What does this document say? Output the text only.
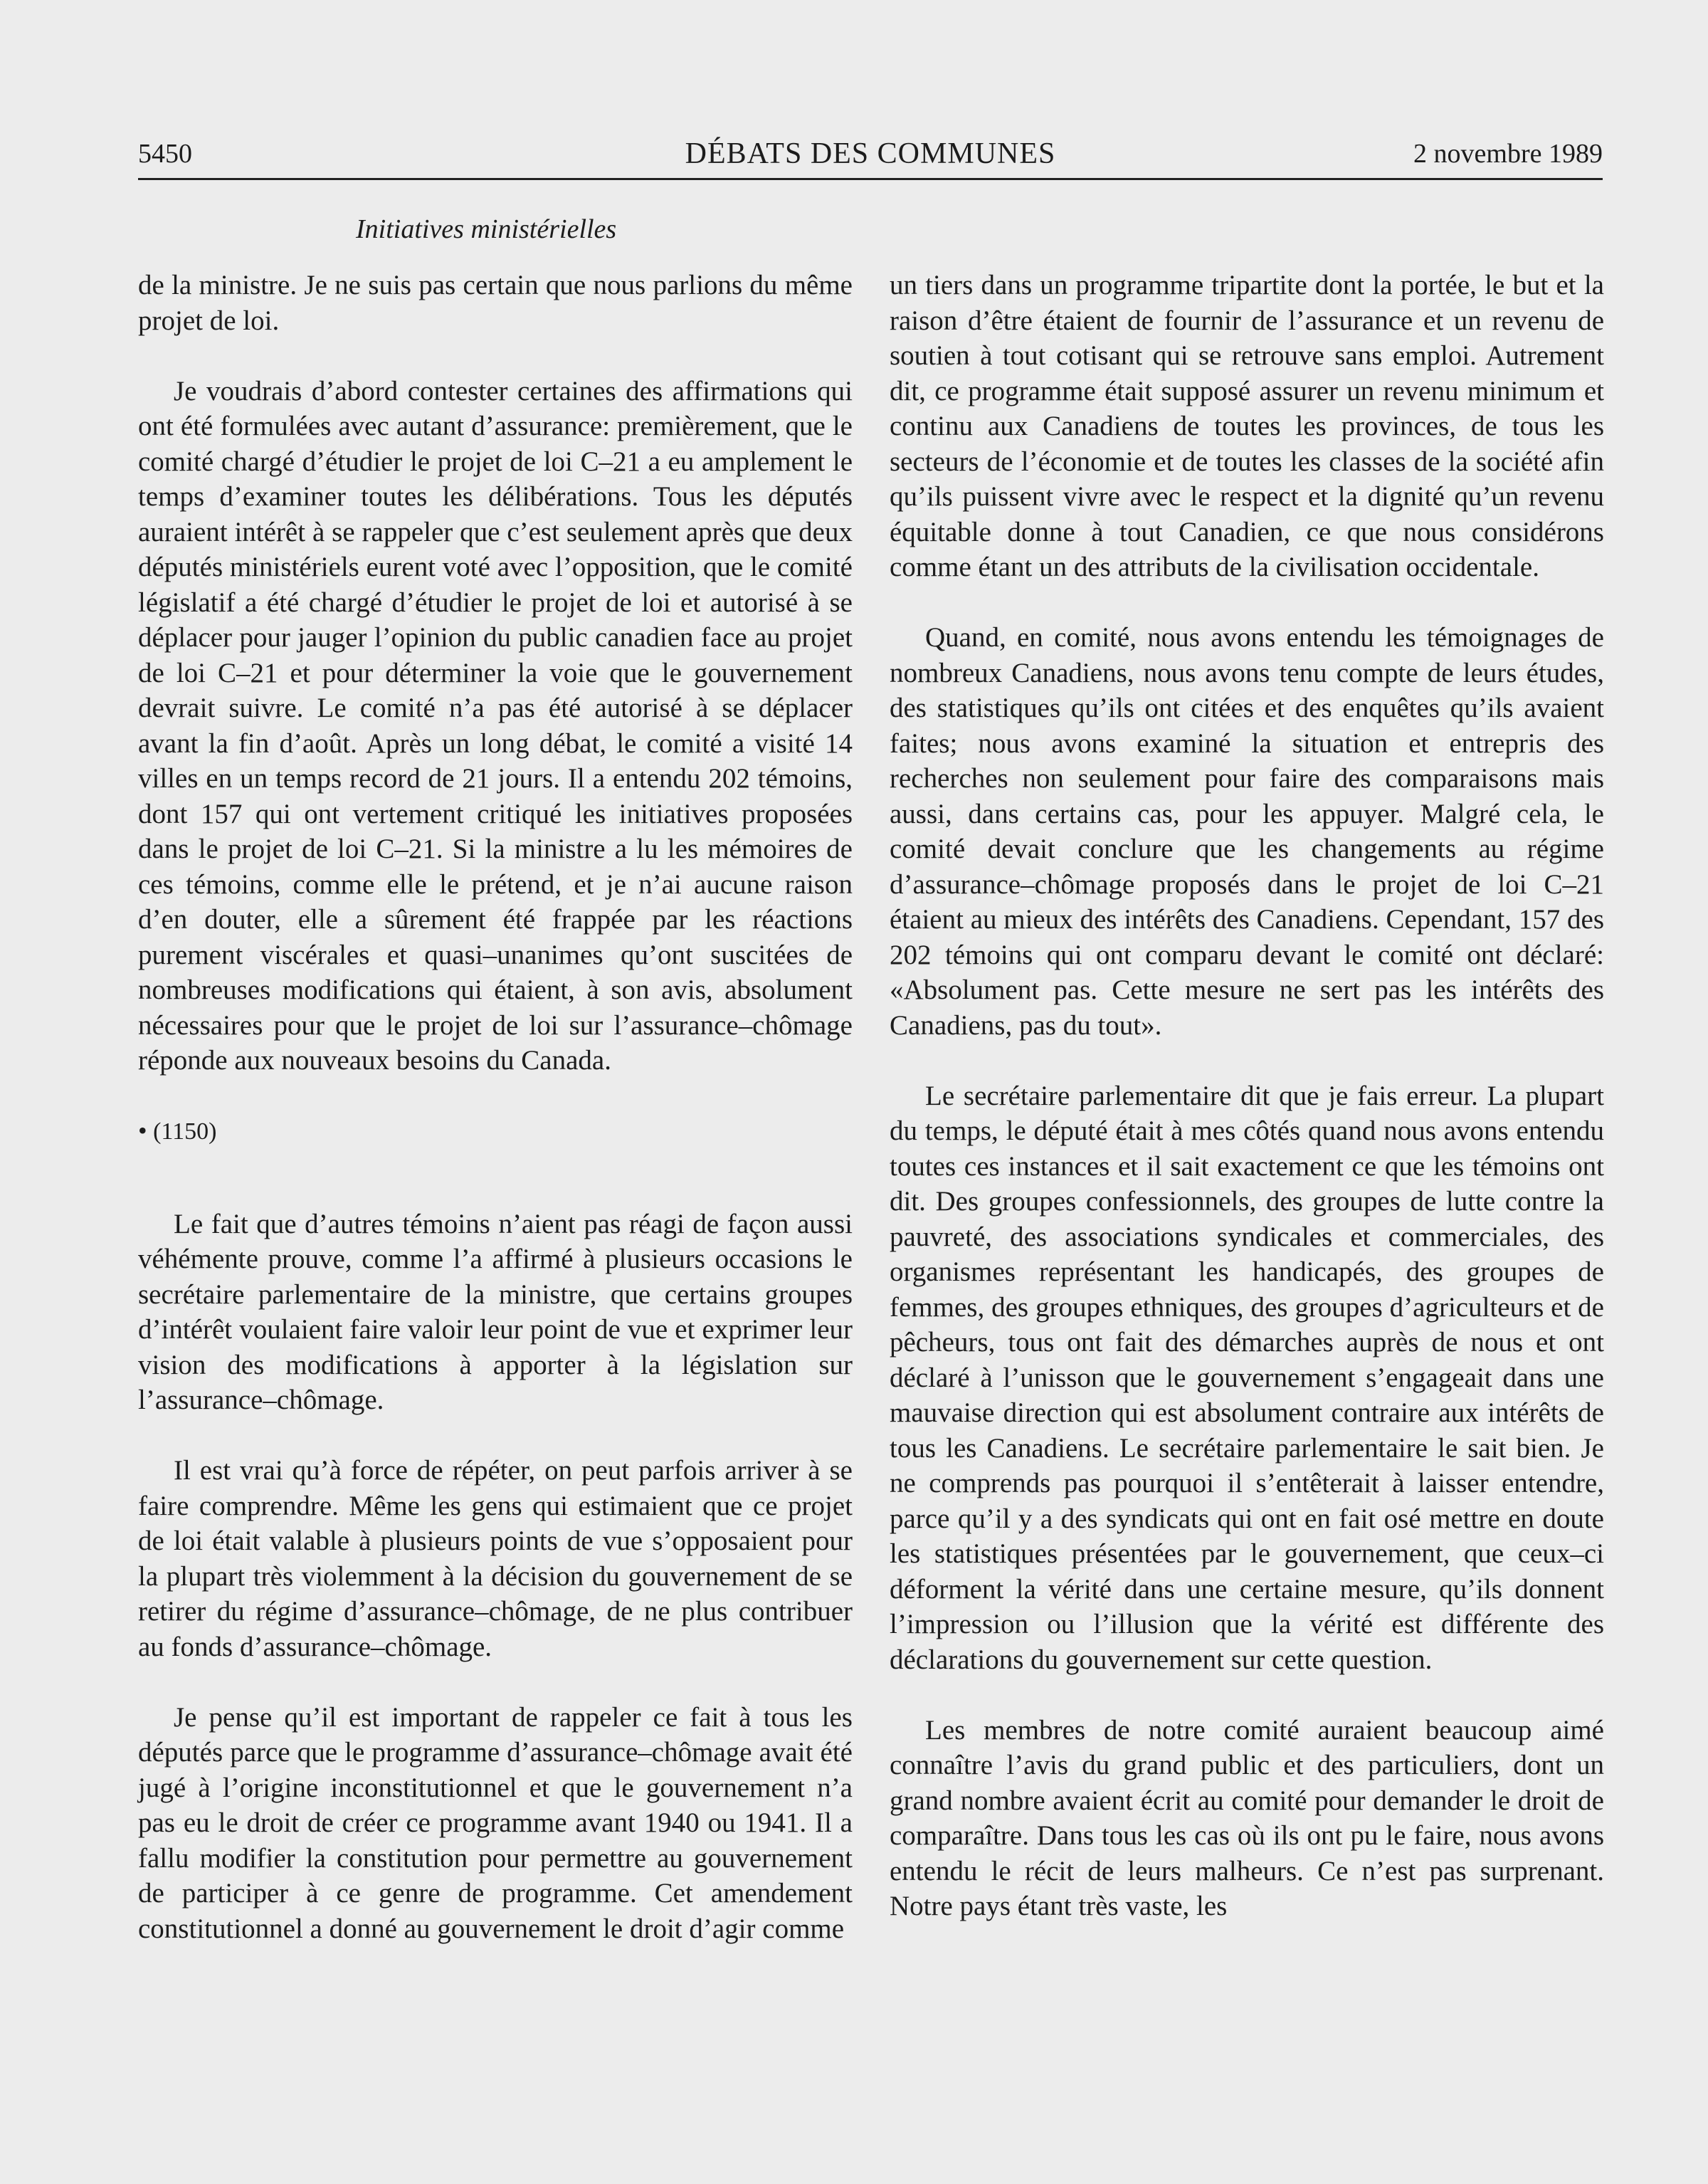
5450	DÉBATS DES COMMUNES	2 novembre 1989
Initiatives ministérielles

de la ministre. Je ne suis pas certain que nous parlions du même projet de loi.

Je voudrais d’abord contester certaines des affirmations qui ont été formulées avec autant d’assurance: premièrement, que le comité chargé d’étudier le projet de loi C–21 a eu amplement le temps d’examiner toutes les délibérations. Tous les députés auraient intérêt à se rappeler que c’est seulement après que deux députés ministériels eurent voté avec l’opposition, que le comité législatif a été chargé d’étudier le projet de loi et autorisé à se déplacer pour jauger l’opinion du public canadien face au projet de loi C–21 et pour déterminer la voie que le gouvernement devrait suivre. Le comité n’a pas été autorisé à se déplacer avant la fin d’août. Après un long débat, le comité a visité 14 villes en un temps record de 21 jours. Il a entendu 202 témoins, dont 157 qui ont vertement critiqué les initiatives proposées dans le projet de loi C–21. Si la ministre a lu les mémoires de ces témoins, comme elle le prétend, et je n’ai aucune raison d’en douter, elle a sûrement été frappée par les réactions purement viscérales et quasi–unanimes qu’ont suscitées de nombreuses modifications qui étaient, à son avis, absolument nécessaires pour que le projet de loi sur l’assurance–chômage réponde aux nouveaux besoins du Canada.

• (1150)

Le fait que d’autres témoins n’aient pas réagi de façon aussi véhémente prouve, comme l’a affirmé à plusieurs occasions le secrétaire parlementaire de la ministre, que certains groupes d’intérêt voulaient faire valoir leur point de vue et exprimer leur vision des modifications à apporter à la législation sur l’assurance–chômage.

Il est vrai qu’à force de répéter, on peut parfois arriver à se faire comprendre. Même les gens qui estimaient que ce projet de loi était valable à plusieurs points de vue s’opposaient pour la plupart très violemment à la décision du gouvernement de se retirer du régime d’assurance–chômage, de ne plus contribuer au fonds d’assurance–chômage.

Je pense qu’il est important de rappeler ce fait à tous les députés parce que le programme d’assurance–chômage avait été jugé à l’origine inconstitutionnel et que le gouvernement n’a pas eu le droit de créer ce programme avant 1940 ou 1941. Il a fallu modifier la constitution pour permettre au gouvernement de participer à ce genre de programme. Cet amendement constitutionnel a donné au gouvernement le droit d’agir comme

un tiers dans un programme tripartite dont la portée, le but et la raison d’être étaient de fournir de l’assurance et un revenu de soutien à tout cotisant qui se retrouve sans emploi. Autrement dit, ce programme était supposé assurer un revenu minimum et continu aux Canadiens de toutes les provinces, de tous les secteurs de l’économie et de toutes les classes de la société afin qu’ils puissent vivre avec le respect et la dignité qu’un revenu équitable donne à tout Canadien, ce que nous considérons comme étant un des attributs de la civilisation occidentale.

Quand, en comité, nous avons entendu les témoignages de nombreux Canadiens, nous avons tenu compte de leurs études, des statistiques qu’ils ont citées et des enquêtes qu’ils avaient faites; nous avons examiné la situation et entrepris des recherches non seulement pour faire des comparaisons mais aussi, dans certains cas, pour les appuyer. Malgré cela, le comité devait conclure que les changements au régime d’assurance–chômage proposés dans le projet de loi C–21 étaient au mieux des intérêts des Canadiens. Cependant, 157 des 202 témoins qui ont comparu devant le comité ont déclaré: «Absolument pas. Cette mesure ne sert pas les intérêts des Canadiens, pas du tout».

Le secrétaire parlementaire dit que je fais erreur. La plupart du temps, le député était à mes côtés quand nous avons entendu toutes ces instances et il sait exactement ce que les témoins ont dit. Des groupes confessionnels, des groupes de lutte contre la pauvreté, des associations syndicales et commerciales, des organismes représentant les handicapés, des groupes de femmes, des groupes ethniques, des groupes d’agriculteurs et de pêcheurs, tous ont fait des démarches auprès de nous et ont déclaré à l’unisson que le gouvernement s’engageait dans une mauvaise direction qui est absolument contraire aux intérêts de tous les Canadiens. Le secrétaire parlementaire le sait bien. Je ne comprends pas pourquoi il s’entêterait à laisser entendre, parce qu’il y a des syndicats qui ont en fait osé mettre en doute les statistiques présentées par le gouvernement, que ceux–ci déforment la vérité dans une certaine mesure, qu’ils donnent l’impression ou l’illusion que la vérité est différente des déclarations du gouvernement sur cette question.

Les membres de notre comité auraient beaucoup aimé connaître l’avis du grand public et des particuliers, dont un grand nombre avaient écrit au comité pour demander le droit de comparaître. Dans tous les cas où ils ont pu le faire, nous avons entendu le récit de leurs malheurs. Ce n’est pas surprenant. Notre pays étant très vaste, les
